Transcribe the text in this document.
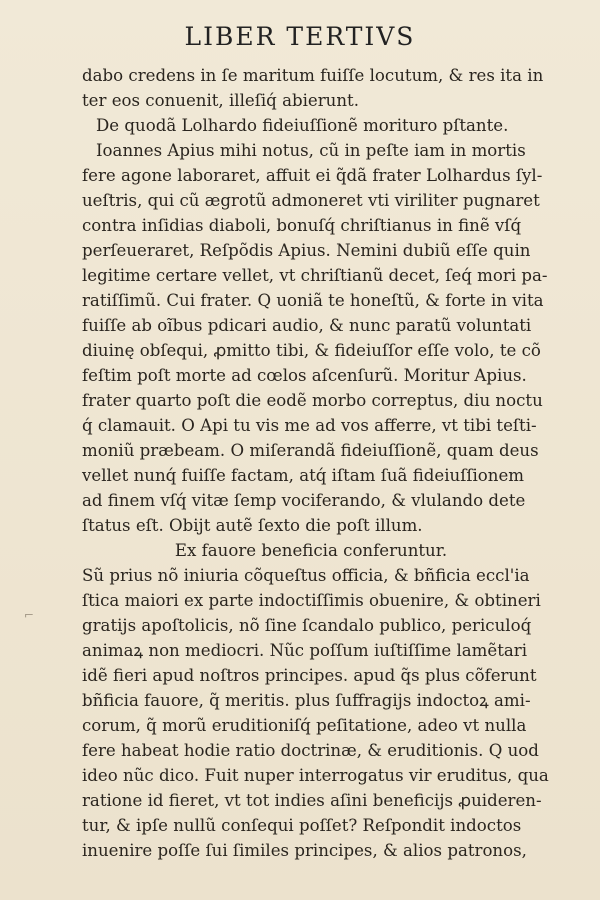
LIBER TERTIVS
⌐
dabo credens in ſe maritum fuiſſe locutum, & res ita in
ter eos conuenit, illeſiq́ abierunt.
De quodã Lolhardo fideiuſſionẽ morituro pſtante.
Ioannes Apius mihi notus, cũ in peſte iam in mortis
fere agone laboraret, affuit ei q̃dã frater Lolhardus ſyl-
ueſtris, qui cũ ægrotũ admoneret vti viriliter pugnaret
contra inſidias diaboli, bonuſq́ chriſtianus in finẽ vſq́
perſeueraret, Reſpõdis Apius. Nemini dubiũ eſſe quin
legitime certare vellet, vt chriſtianũ decet, ſeq́ mori pa-
ratiſſimũ. Cui frater. Q uoniã te honeſtũ, & forte in vita
fuiſſe ab oĩbus pdicari audio, & nunc paratũ voluntati
diuinę obſequi, ꝓmitto tibi, & fideiuſſor eſſe volo, te cõ
feſtim poſt morte ad cœlos aſcenſurũ. Moritur Apius.
frater quarto poſt die eodẽ morbo correptus, diu noctu
q́ clamauit. O Api tu vis me ad vos afferre, vt tibi teſti-
moniũ præbeam. O miſerandã fideiuſſionẽ, quam deus
vellet nunq́ fuiſſe factam, atq́ iſtam ſuã fideiuſſionem
ad finem vſq́ vitæ ſemp vociferando, & vlulando dete
ſtatus eſt. Obijt autẽ ſexto die poſt illum.
Ex fauore beneficia conferuntur.
Sũ prius nõ iniuria cõqueſtus officia, & bñficia eccl'ia
ſtica maiori ex parte indoctiſſimis obuenire, & obtineri
gratijs apoſtolicis, nõ ſine ſcandalo publico, periculoq́
animaꝝ non mediocri. Nũc poſſum iuſtiſſime lamẽtari
idẽ fieri apud noſtros principes. apud q̃s plus cõferunt
bñficia fauore, q̃ meritis. plus ſuffragijs indoctoꝝ ami-
corum, q̃ morũ eruditioniſq́ peſitatione, adeo vt nulla
fere habeat hodie ratio doctrinæ, & eruditionis. Q uod
ideo nũc dico. Fuit nuper interrogatus vir eruditus, qua
ratione id fieret, vt tot indies aſini beneficijs ꝓuideren-
tur, & ipſe nullũ conſequi poſſet? Reſpondit indoctos
inuenire poſſe ſui ſimiles principes, & alios patronos,
